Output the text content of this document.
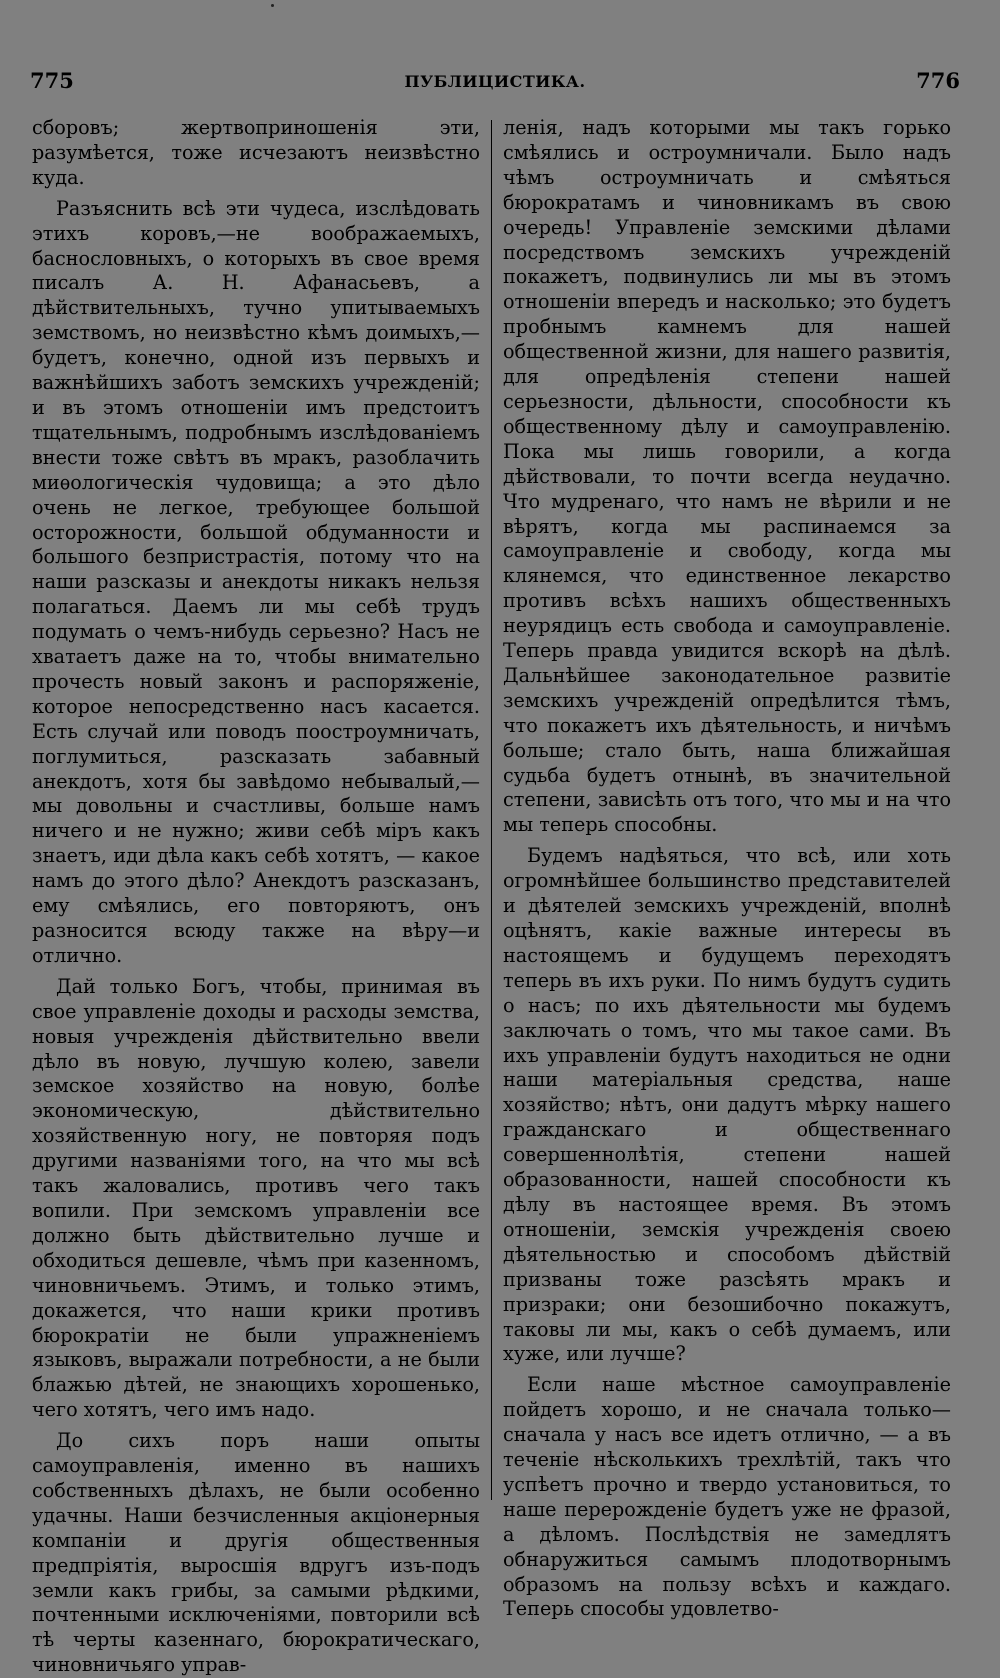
775	ПУБЛИЦИСТИКА.	776

сборовъ; жертвоприношенія эти, разумѣется, тоже исчезаютъ неизвѣстно куда.

Разъяснить всѣ эти чудеса, изслѣдовать этихъ коровъ,—не воображаемыхъ, баснословныхъ, о которыхъ въ свое время писалъ А. Н. Афанасьевъ, а дѣйствительныхъ, тучно упитываемыхъ земствомъ, но неизвѣстно кѣмъ доимыхъ,—будетъ, конечно, одной изъ первыхъ и важнѣйшихъ заботъ земскихъ учрежденій; и въ этомъ отношеніи имъ предстоитъ тщательнымъ, подробнымъ изслѣдованіемъ внести тоже свѣтъ въ мракъ, разоблачить миѳологическія чудовища; а это дѣло очень не легкое, требующее большой осторожности, большой обдуманности и большого безпристрастія, потому что на наши разсказы и анекдоты никакъ нельзя полагаться. Даемъ ли мы себѣ трудъ подумать о чемъ-нибудь серьезно? Насъ не хватаетъ даже на то, чтобы внимательно прочесть новый законъ и распоряженіе, которое непосредственно насъ касается. Есть случай или поводъ поостроумничать, поглумиться, разсказать забавный анекдотъ, хотя бы завѣдомо небывалый,—мы довольны и счастливы, больше намъ ничего и не нужно; живи себѣ міръ какъ знаетъ, иди дѣла какъ себѣ хотятъ, — какое намъ до этого дѣло? Анекдотъ разсказанъ, ему смѣялись, его повторяютъ, онъ разносится всюду также на вѣру—и отлично.

Дай только Богъ, чтобы, принимая въ свое управленіе доходы и расходы земства, новыя учрежденія дѣйствительно ввели дѣло въ новую, лучшую колею, завели земское хозяйство на новую, болѣе экономическую, дѣйствительно хозяйственную ногу, не повторяя подъ другими названіями того, на что мы всѣ такъ жаловались, противъ чего такъ вопили. При земскомъ управленіи все должно быть дѣйствительно лучше и обходиться дешевле, чѣмъ при казенномъ, чиновничьемъ. Этимъ, и только этимъ, докажется, что наши крики противъ бюрократіи не были упражненіемъ языковъ, выражали потребности, а не были блажью дѣтей, не знающихъ хорошенько, чего хотятъ, чего имъ надо.

До сихъ поръ наши опыты самоуправленія, именно въ нашихъ собственныхъ дѣлахъ, не были особенно удачны. Наши безчисленныя акціонерныя компаніи и другія общественныя предпріятія, выросшія вдругъ изъ-подъ земли какъ грибы, за самыми рѣдкими, почтенными исключеніями, повторили всѣ тѣ черты казеннаго, бюрократическаго, чиновничьяго управ-

ленія, надъ которыми мы такъ горько смѣялись и остроумничали. Было надъ чѣмъ остроумничать и смѣяться бюрократамъ и чиновникамъ въ свою очередь! Управленіе земскими дѣлами посредствомъ земскихъ учрежденій покажетъ, подвинулись ли мы въ этомъ отношеніи впередъ и насколько; это будетъ пробнымъ камнемъ для нашей общественной жизни, для нашего развитія, для опредѣленія степени нашей серьезности, дѣльности, способности къ общественному дѣлу и самоуправленію. Пока мы лишь говорили, а когда дѣйствовали, то почти всегда неудачно. Что мудренаго, что намъ не вѣрили и не вѣрятъ, когда мы распинаемся за самоуправленіе и свободу, когда мы клянемся, что единственное лекарство противъ всѣхъ нашихъ общественныхъ неурядицъ есть свобода и самоуправленіе. Теперь правда увидится вскорѣ на дѣлѣ. Дальнѣйшее законодательное развитіе земскихъ учрежденій опредѣлится тѣмъ, что покажетъ ихъ дѣятельность, и ничѣмъ больше; стало быть, наша ближайшая судьба будетъ отнынѣ, въ значительной степени, зависѣть отъ того, что мы и на что мы теперь способны.

Будемъ надѣяться, что всѣ, или хоть огромнѣйшее большинство представителей и дѣятелей земскихъ учрежденій, вполнѣ оцѣнятъ, какіе важные интересы въ настоящемъ и будущемъ переходятъ теперь въ ихъ руки. По нимъ будутъ судить о насъ; по ихъ дѣятельности мы будемъ заключать о томъ, что мы такое сами. Въ ихъ управленіи будутъ находиться не одни наши матеріальныя средства, наше хозяйство; нѣтъ, они дадутъ мѣрку нашего гражданскаго и общественнаго совершеннолѣтія, степени нашей образованности, нашей способности къ дѣлу въ настоящее время. Въ этомъ отношеніи, земскія учрежденія своею дѣятельностью и способомъ дѣйствій призваны тоже разсѣять мракъ и призраки; они безошибочно покажутъ, таковы ли мы, какъ о себѣ думаемъ, или хуже, или лучше?

Если наше мѣстное самоуправленіе пойдетъ хорошо, и не сначала только—сначала у насъ все идетъ отлично, — а въ теченіе нѣсколькихъ трехлѣтій, такъ что успѣетъ прочно и твердо установиться, то наше перерожденіе будетъ уже не фразой, а дѣломъ. Послѣдствія не замедлятъ обнаружиться самымъ плодотворнымъ образомъ на пользу всѣхъ и каждаго. Теперь способы удовлетво-
